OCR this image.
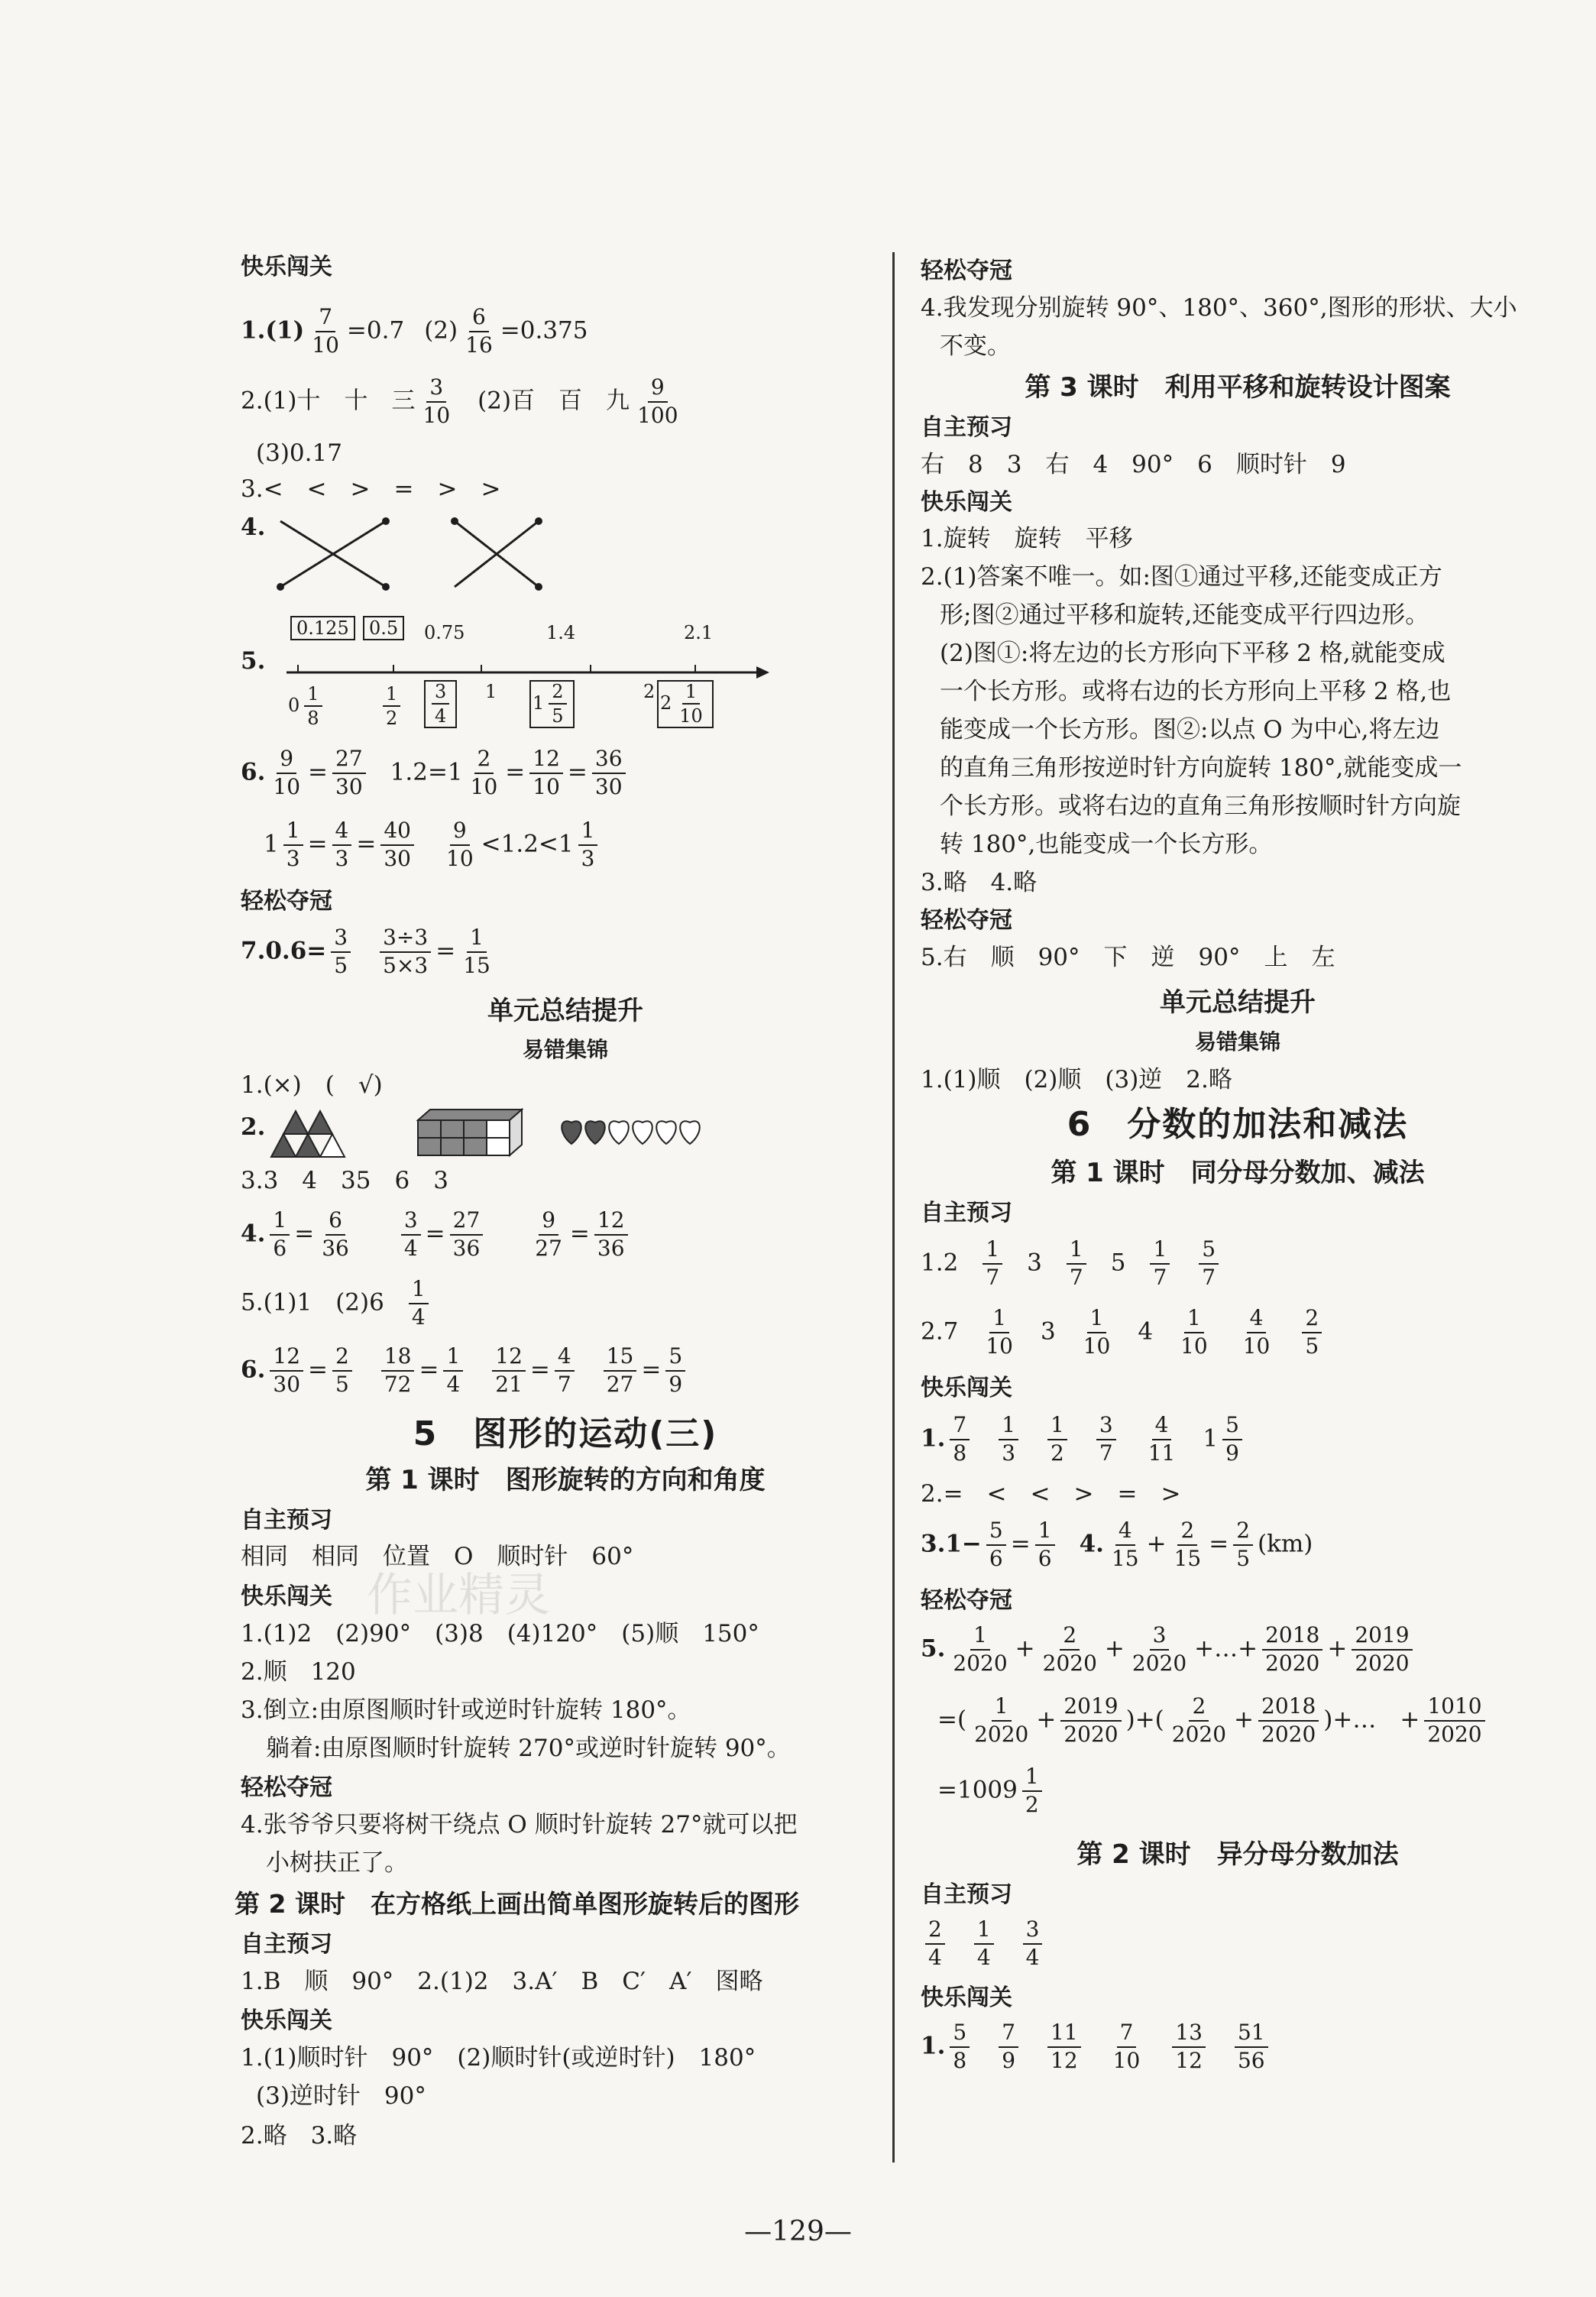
快乐闯关
$1.(1) \frac{7}{10} =0.7$ $(2) \frac{6}{16} =0.375$
2.(1)十　十　三 $\frac{3}{10} (2)$百　百　九 $\frac{9}{100}$
(3)0.17
3.<　<　>　=　>　>
4.
5.
0.125	0.5	0.75	1.4	2.1
$0 \frac{1}{8}$	$\frac{1}{2} \frac{3}{4} 1$
$1 \frac{2}{5}$	2
$2 \frac{1}{10}$
6. $\frac{9}{10} = \frac{27}{30} 1.2=1 \frac{2}{10} = \frac{12}{10} = \frac{36}{30}$
$1 \frac{1}{3} = \frac{4}{3} = \frac{40}{30} \frac{9}{10} <1.2<1 \frac{1}{3}$
轻松夺冠
$7.0.6= \frac{3}{5} \frac{3\div 3}{5\times 3} = \frac{1}{15}$
单元总结提升
易错集锦
1.(×)　(　√)
2.
3.3　4　35　6　3
4. $\frac{1}{6} = \frac{6}{36} \frac{3}{4} = \frac{27}{36} \frac{9}{27} = \frac{12}{36}$
5.(1)1　$(2)6 \frac{1}{4}$
6. $\frac{12}{30} = \frac{2}{5} \frac{18}{72} = \frac{1}{4} \frac{12}{21} = \frac{4}{7} \frac{15}{27} = \frac{5}{9}$
5　图形的运动(三)
第 1 课时　图形旋转的方向和角度
自主预习
相同　相同　位置　O　顺时针　60°
快乐闯关
1.(1)2　(2)90°　(3)8　(4)120°　(5)顺　150°
2.顺　120
3.倒立:由原图顺时针或逆时针旋转 180°。
躺着:由原图顺时针旋转 270°或逆时针旋转 90°。
轻松夺冠
4.张爷爷只要将树干绕点 O 顺时针旋转 27°就可以把
小树扶正了。
第 2 课时　在方格纸上画出简单图形旋转后的图形
自主预习
1.B　顺　90°　2.(1)2　3.A′　B　C′　A′　图略
快乐闯关
1.(1)顺时针　90°　(2)顺时针(或逆时针)　180°
(3)逆时针　90°
2.略　3.略
轻松夺冠
4.我发现分别旋转 90°、180°、360°,图形的形状、大小
不变。
第 3 课时　利用平移和旋转设计图案
自主预习
右　8　3　右　4　90°　6　顺时针　9
快乐闯关
1.旋转　旋转　平移
2.(1)答案不唯一。如:图①通过平移,还能变成正方
形;图②通过平移和旋转,还能变成平行四边形。
(2)图①:将左边的长方形向下平移 2 格,就能变成
一个长方形。或将右边的长方形向上平移 2 格,也
能变成一个长方形。图②:以点 O 为中心,将左边
的直角三角形按逆时针方向旋转 180°,就能变成一
个长方形。或将右边的直角三角形按顺时针方向旋
转 180°,也能变成一个长方形。
3.略　4.略
轻松夺冠
5.右　顺　90°　下　逆　90°　上　左
单元总结提升
易错集锦
1.(1)顺　(2)顺　(3)逆　2.略
6　分数的加法和减法
第 1 课时　同分母分数加、减法
自主预习
$1.2 \frac{1}{7} 3 \frac{1}{7} 5 \frac{1}{7} \frac{5}{7}$
$2.7 \frac{1}{10} 3 \frac{1}{10} 4 \frac{1}{10} \frac{4}{10} \frac{2}{5}$
快乐闯关
1. $\frac{7}{8} \frac{1}{3} \frac{1}{2} \frac{3}{7} \frac{4}{11} 1 \frac{5}{9}$
2.=　<　<　>　=　>
$3.1- \frac{5}{6} = \frac{1}{6} 4$. $\frac{4}{15} + \frac{2}{15} = \frac{2}{5} (km)$
轻松夺冠
5. $\frac{1}{2020} + \frac{2}{2020} + \frac{3}{2020}$ +…+ $\frac{2018}{2020} + \frac{2019}{2020}$
=( $\frac{1}{2020} + \frac{2019}{2020}$ )+( $\frac{2}{2020} + \frac{2018}{2020}$ )+…　+ $\frac{1010}{2020}$
$=1009 \frac{1}{2}$
第 2 课时　异分母分数加法
自主预习
$\frac{2}{4} \frac{1}{4} \frac{3}{4}$
快乐闯关
1. $\frac{5}{8} \frac{7}{9} \frac{11}{12} \frac{7}{10} \frac{13}{12} \frac{51}{56}$
作业精灵
—129—
